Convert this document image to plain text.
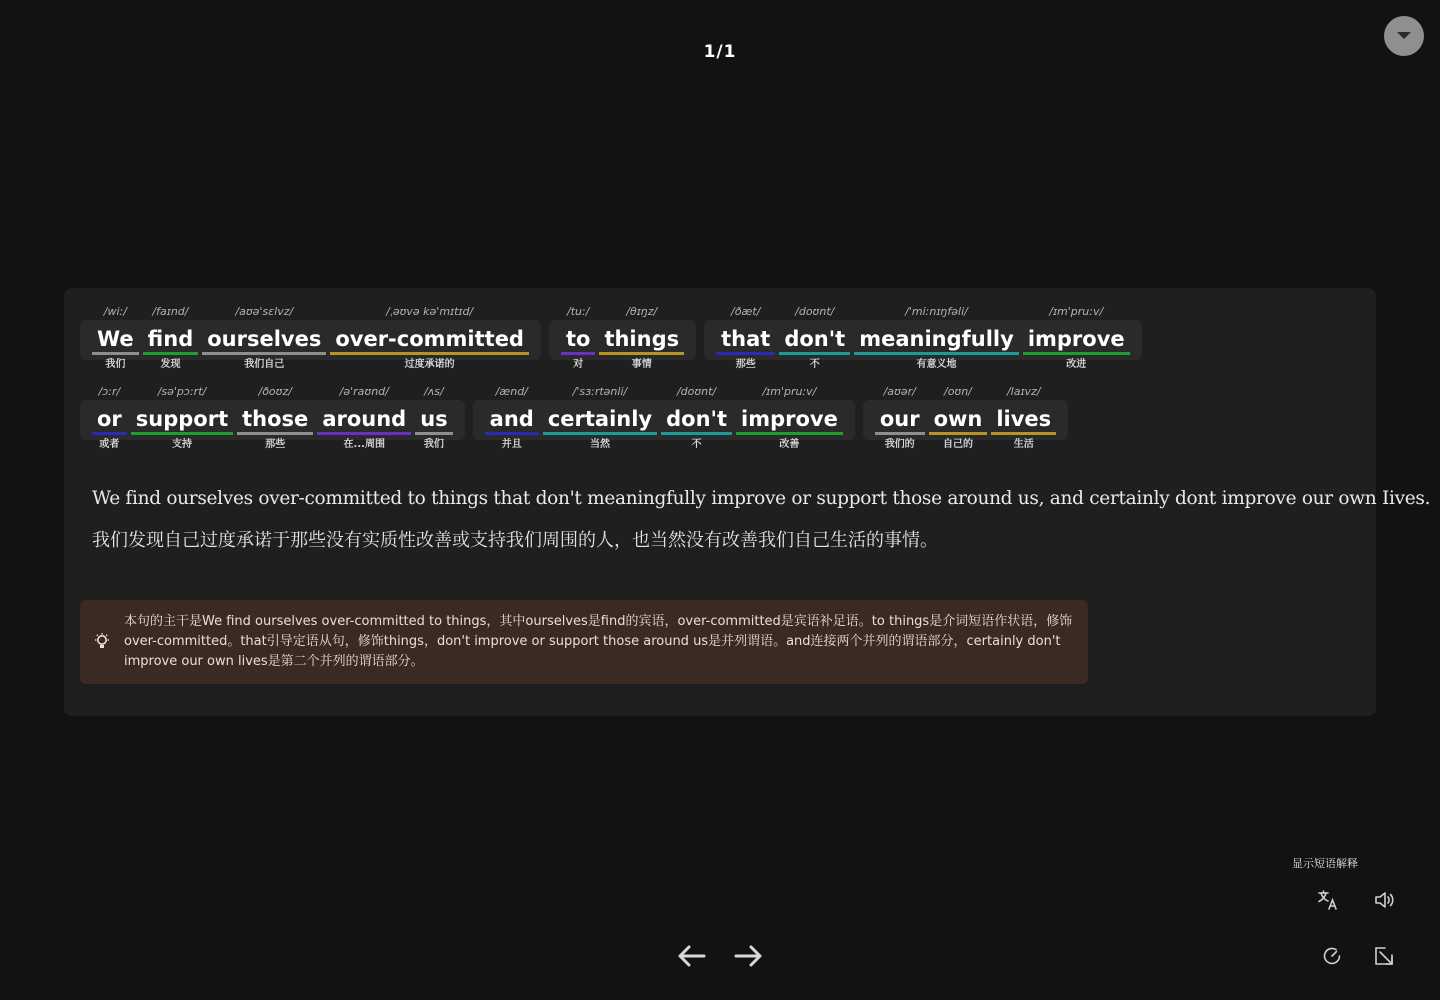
1/1
/wiː/
We
我们
/faɪnd/
find
发现
/aʊə'sɛlvz/
ourselves
我们自己
/ˌəʊvə kə'mɪtɪd/
over-committed
过度承诺的
/tuː/
to
对
/θɪŋz/
things
事情
/ðæt/
that
那些
/doʊnt/
don't
不
/'miːnɪŋfəli/
meaningfully
有意义地
/ɪm'pruːv/
improve
改进
/ɔːr/
or
或者
/sə'pɔːrt/
support
支持
/ðoʊz/
those
那些
/ə'raʊnd/
around
在...周围
/ʌs/
us
我们
/ænd/
and
并且
/'sɜːrtənli/
certainly
当然
/doʊnt/
don't
不
/ɪm'pruːv/
improve
改善
/aʊər/
our
我们的
/oʊn/
own
自己的
/laɪvz/
lives
生活
We find ourselves over-committed to things that don't meaningfully improve or support those around us, and certainly dont improve our own Iives.
我们发现自己过度承诺于那些没有实质性改善或支持我们周围的人，也当然没有改善我们自己生活的事情。
本句的主干是We find ourselves over-committed to things，其中ourselves是find的宾语，over-committed是宾语补足语。to things是介词短语作状语，修饰over-committed。that引导定语从句，修饰things，don't improve or support those around us是并列谓语。and连接两个并列的谓语部分，certainly don't improve our own lives是第二个并列的谓语部分。
显示短语解释
